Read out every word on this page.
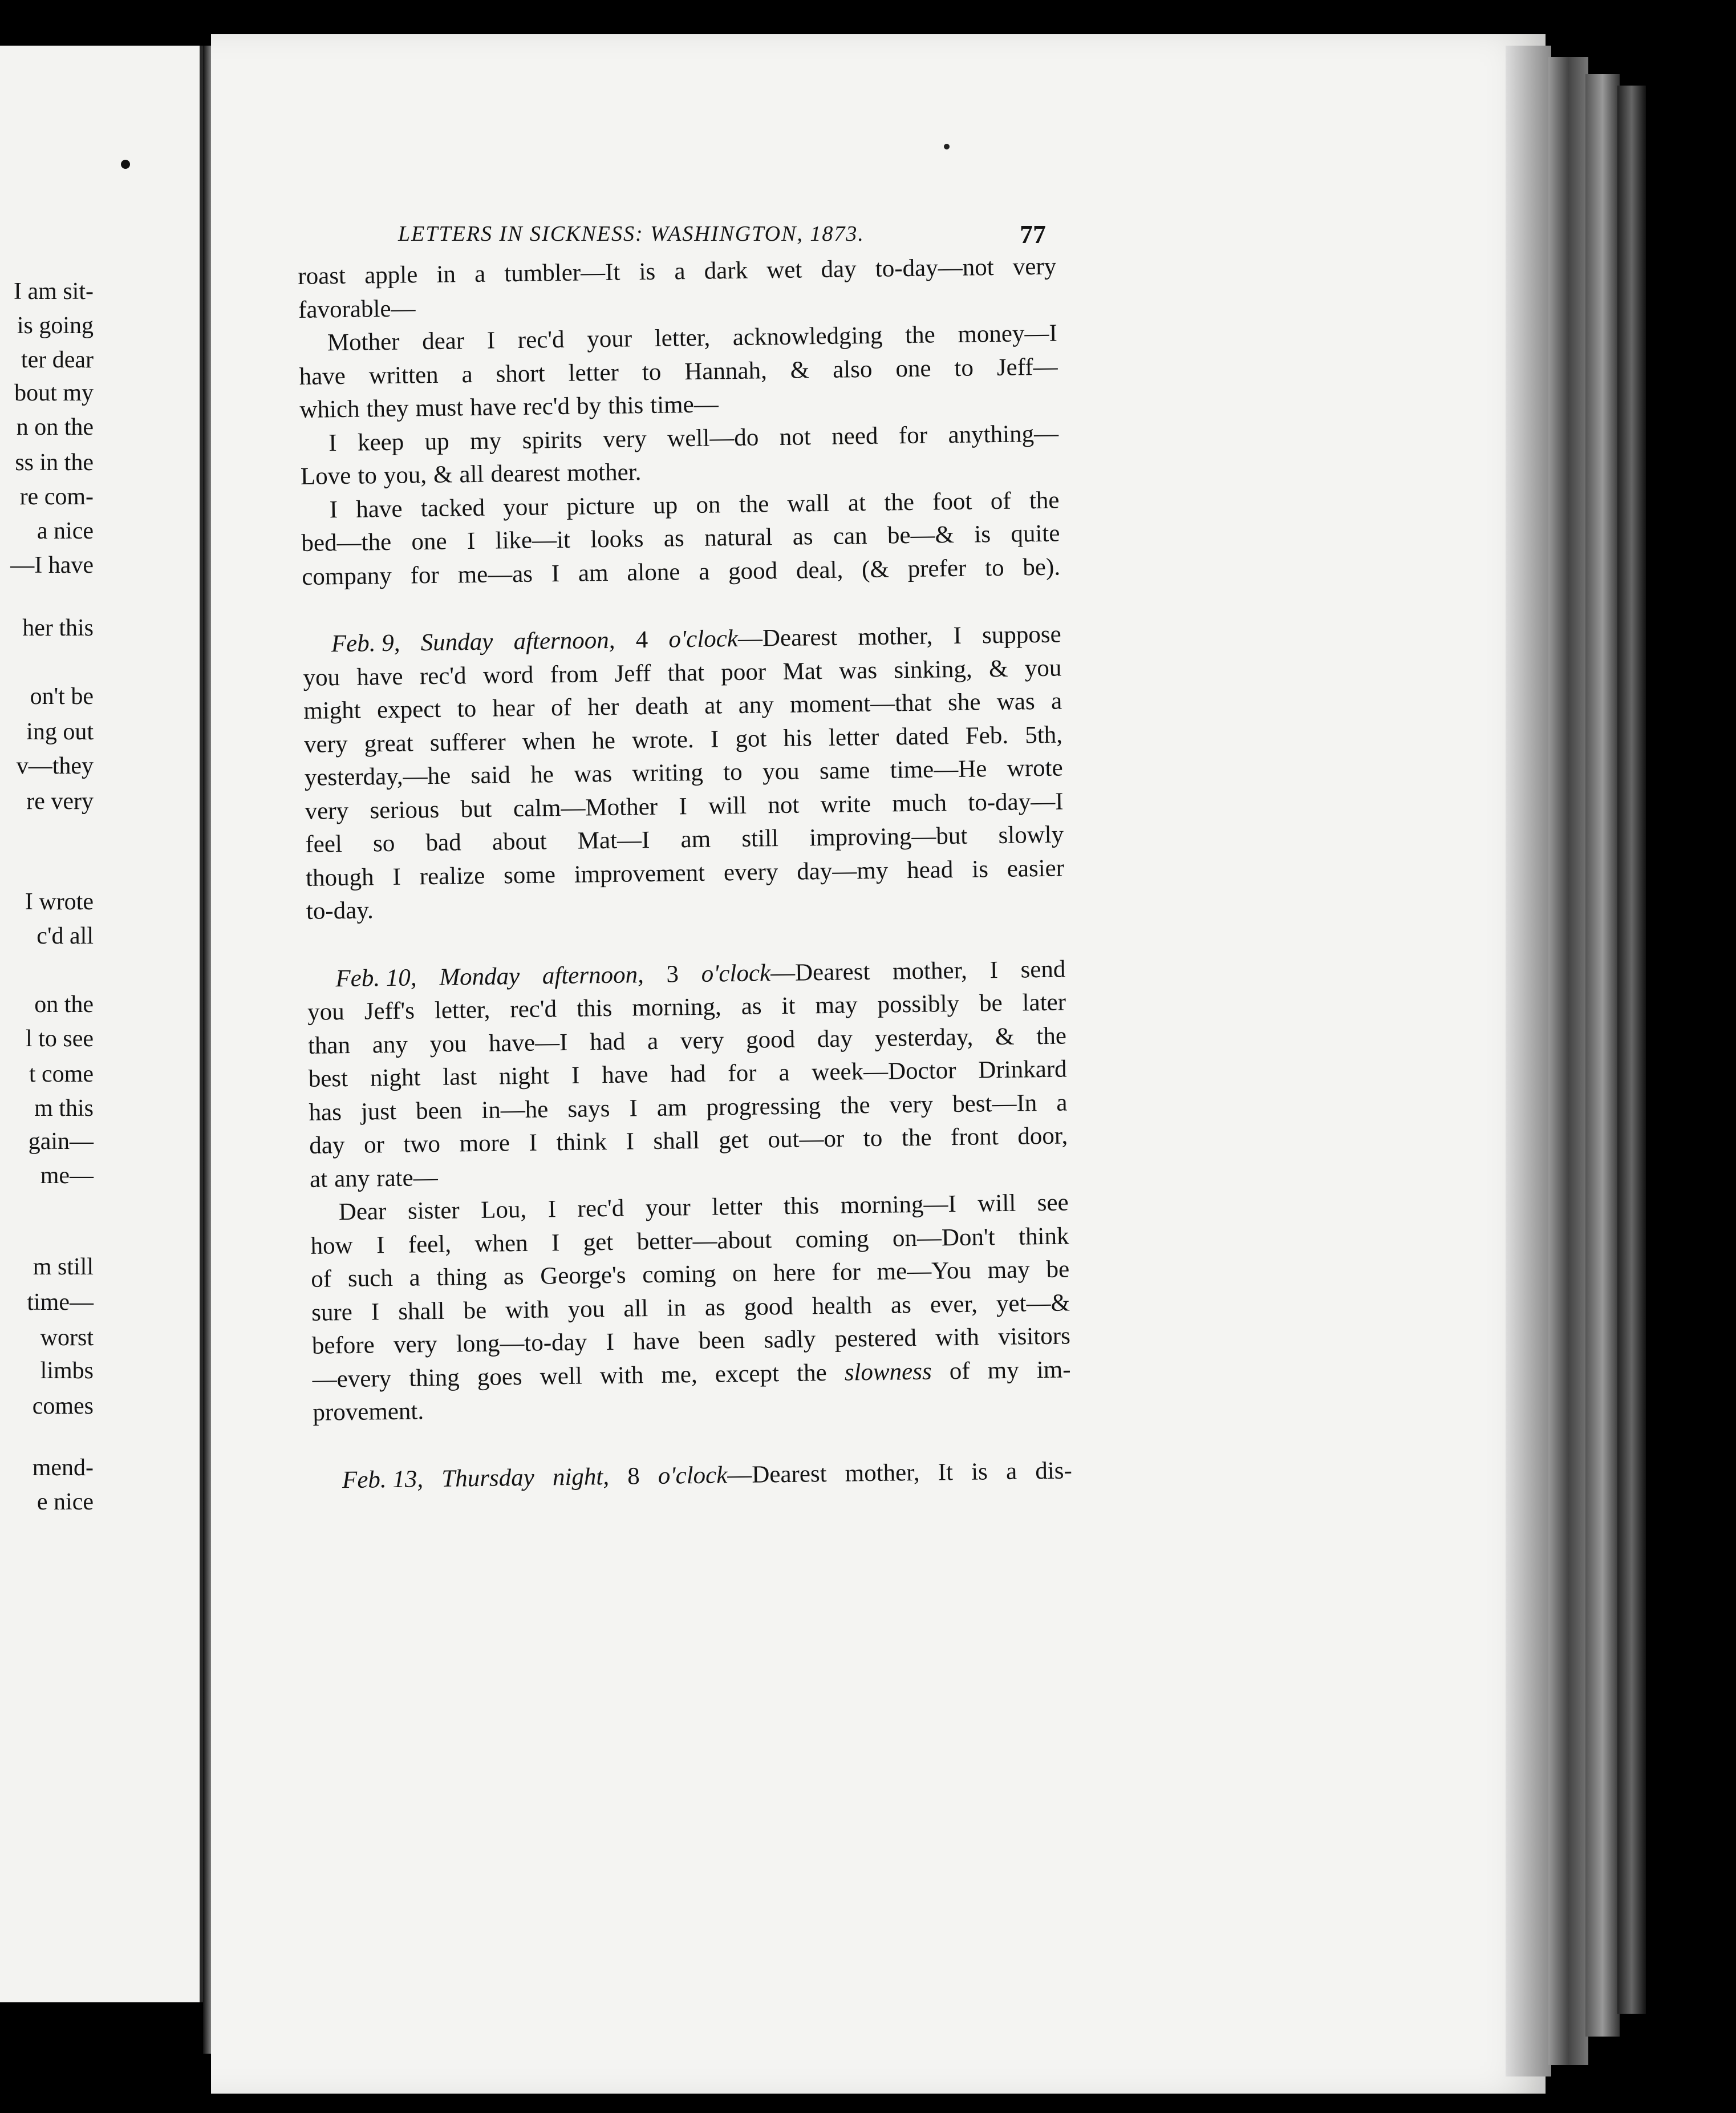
I am sit-
is going
ter dear
bout my
n on the
ss in the
re com-
a nice
—I have
her this
on't be
ing out
v—they
re very
I wrote
c'd all
on the
l to see
t come
m this
gain—
me—
m still
time—
worst
limbs
comes
mend-
e nice
LETTERS IN SICKNESS: WASHINGTON, 1873.	77
roast apple in a tumbler—It is a dark wet day to-day—not very
favorable—
Mother dear I rec'd your letter, acknowledging the money—I
have written a short letter to Hannah, & also one to Jeff—
which they must have rec'd by this time—
I keep up my spirits very well—do not need for anything—
Love to you, & all dearest mother.
I have tacked your picture up on the wall at the foot of the
bed—the one I like—it looks as natural as can be—& is quite
company for me—as I am alone a good deal, (& prefer to be).
Feb. 9, Sunday afternoon, 4 o'clock—Dearest mother, I suppose
you have rec'd word from Jeff that poor Mat was sinking, & you
might expect to hear of her death at any moment—that she was a
very great sufferer when he wrote. I got his letter dated Feb. 5th,
yesterday,—he said he was writing to you same time—He wrote
very serious but calm—Mother I will not write much to-day—I
feel so bad about Mat—I am still improving—but slowly
though I realize some improvement every day—my head is easier
to-day.
Feb. 10, Monday afternoon, 3 o'clock—Dearest mother, I send
you Jeff's letter, rec'd this morning, as it may possibly be later
than any you have—I had a very good day yesterday, & the
best night last night I have had for a week—Doctor Drinkard
has just been in—he says I am progressing the very best—In a
day or two more I think I shall get out—or to the front door,
at any rate—
Dear sister Lou, I rec'd your letter this morning—I will see
how I feel, when I get better—about coming on—Don't think
of such a thing as George's coming on here for me—You may be
sure I shall be with you all in as good health as ever, yet—&
before very long—to-day I have been sadly pestered with visitors
—every thing goes well with me, except the slowness of my im-
provement.
Feb. 13, Thursday night, 8 o'clock—Dearest mother, It is a dis-
